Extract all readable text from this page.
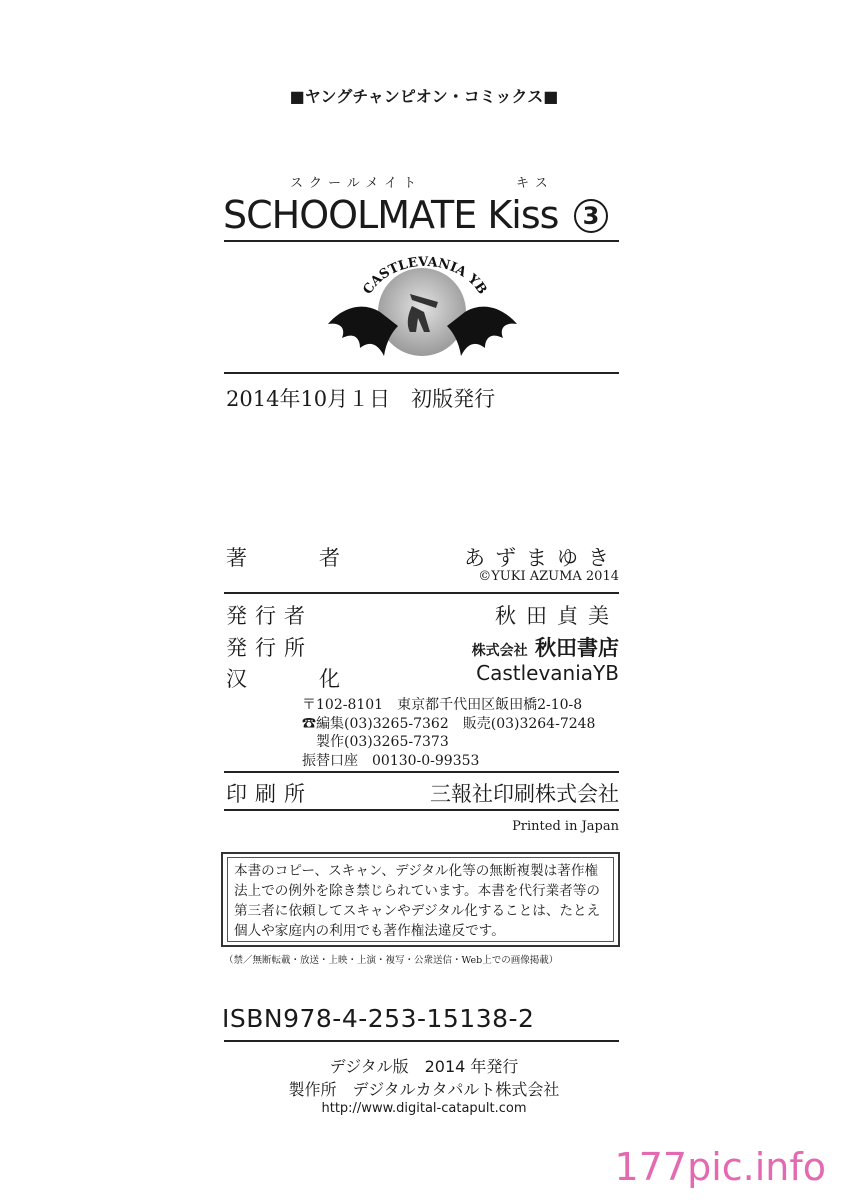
■ヤングチャンピオン・コミックス■
スクールメイト	キス
SCHOOLMATE Kiss	3
CASTLEVANIA YB
2014年10月１日　初版発行
著　　者	あずまゆき
©YUKI AZUMA 2014
発行者	秋田貞美
発行所	株式会社 秋田書店
汉　　化	CastlevaniaYB
〒102-8101　東京都千代田区飯田橋2-10-8
☎編集(03)3265-7362　販売(03)3264-7248
　製作(03)3265-7373
振替口座　00130-0-99353
印刷所	三報社印刷株式会社
Printed in Japan
本書のコピー、スキャン、デジタル化等の無断複製は著作権法上での例外を除き禁じられています。本書を代行業者等の第三者に依頼してスキャンやデジタル化することは、たとえ個人や家庭内の利用でも著作権法違反です。
（禁／無断転載・放送・上映・上演・複写・公衆送信・Web上での画像掲載）
ISBN978-4-253-15138-2
デジタル版　2014 年発行
製作所　デジタルカタパルト株式会社
http://www.digital-catapult.com
177pic.info
